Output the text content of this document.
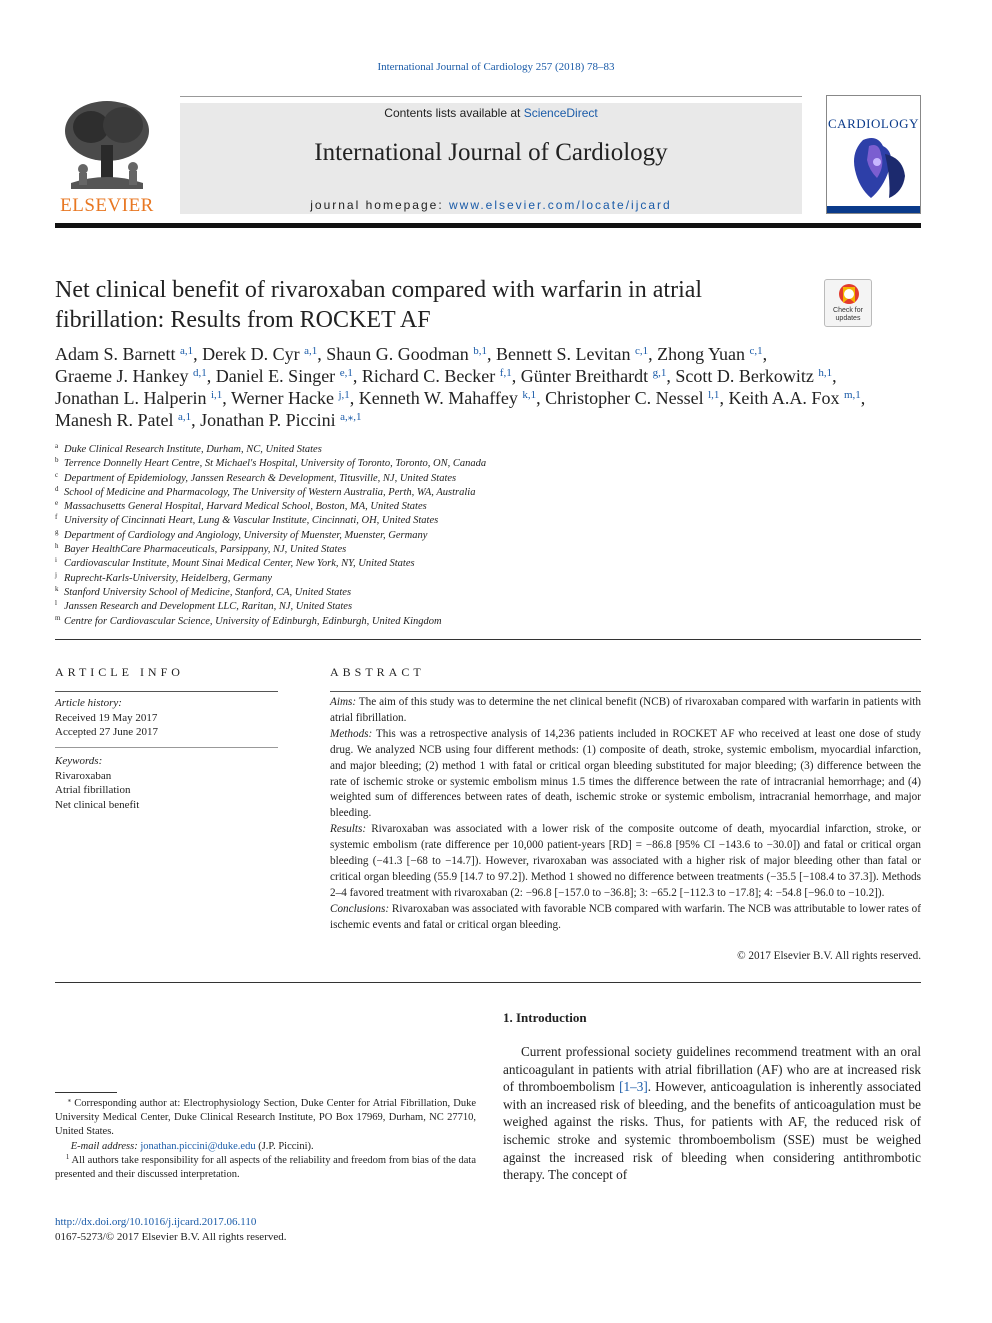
International Journal of Cardiology 257 (2018) 78–83
ELSEVIER
Contents lists available at ScienceDirect
International Journal of Cardiology
journal homepage: www.elsevier.com/locate/ijcard
CARDIOLOGY
Net clinical benefit of rivaroxaban compared with warfarin in atrial
fibrillation: Results from ROCKET AF	Check for
updates
Adam S. Barnett $^{a,1}$, Derek D. Cyr $^{a,1}$, Shaun G. Goodman $^{b,1}$, Bennett S. Levitan $^{c,1}$, Zhong Yuan $^{c,1}$,
Graeme J. Hankey $^{d,1}$, Daniel E. Singer $^{e,1}$, Richard C. Becker $^{f,1}$, Günter Breithardt $^{g,1}$, Scott D. Berkowitz $^{h,1}$,
Jonathan L. Halperin $^{i,1}$, Werner Hacke $^{j,1}$, Kenneth W. Mahaffey $^{k,1}$, Christopher C. Nessel $^{l,1}$, Keith A.A. Fox $^{m,1}$,
Manesh R. Patel $^{a,1}$, Jonathan P. Piccini $^{a,⁎,1}$
$^a$ Duke Clinical Research Institute, Durham, NC, United States
$^b$ Terrence Donnelly Heart Centre, St Michael's Hospital, University of Toronto, Toronto, ON, Canada
$^c$ Department of Epidemiology, Janssen Research & Development, Titusville, NJ, United States
$^d$ School of Medicine and Pharmacology, The University of Western Australia, Perth, WA, Australia
$^e$ Massachusetts General Hospital, Harvard Medical School, Boston, MA, United States
$^f$ University of Cincinnati Heart, Lung & Vascular Institute, Cincinnati, OH, United States
$^g$ Department of Cardiology and Angiology, University of Muenster, Muenster, Germany
$^h$ Bayer HealthCare Pharmaceuticals, Parsippany, NJ, United States
$^i$ Cardiovascular Institute, Mount Sinai Medical Center, New York, NY, United States
$^j$ Ruprecht-Karls-University, Heidelberg, Germany
$^k$ Stanford University School of Medicine, Stanford, CA, United States
$^l$ Janssen Research and Development LLC, Raritan, NJ, United States
$^m$ Centre for Cardiovascular Science, University of Edinburgh, Edinburgh, United Kingdom
ARTICLE INFO
Article history:
Received 19 May 2017
Accepted 27 June 2017
Keywords:
Rivaroxaban
Atrial fibrillation
Net clinical benefit
ABSTRACT
Aims: The aim of this study was to determine the net clinical benefit (NCB) of rivaroxaban compared with warfarin in patients with atrial fibrillation.
Methods: This was a retrospective analysis of 14,236 patients included in ROCKET AF who received at least one dose of study drug. We analyzed NCB using four different methods: (1) composite of death, stroke, systemic embolism, myocardial infarction, and major bleeding; (2) method 1 with fatal or critical organ bleeding substituted for major bleeding; (3) difference between the rate of ischemic stroke or systemic embolism minus 1.5 times the difference between the rate of intracranial hemorrhage; and (4) weighted sum of differences between rates of death, ischemic stroke or systemic embolism, intracranial hemorrhage, and major bleeding.
Results: Rivaroxaban was associated with a lower risk of the composite outcome of death, myocardial infarction, stroke, or systemic embolism (rate difference per 10,000 patient-years [RD] = −86.8 [95% CI −143.6 to −30.0]) and fatal or critical organ bleeding (−41.3 [−68 to −14.7]). However, rivaroxaban was associated with a higher risk of major bleeding other than fatal or critical organ bleeding (55.9 [14.7 to 97.2]). Method 1 showed no difference between treatments (−35.5 [−108.4 to 37.3]). Methods 2–4 favored treatment with rivaroxaban (2: −96.8 [−157.0 to −36.8]; 3: −65.2 [−112.3 to −17.8]; 4: −54.8 [−96.0 to −10.2]).
Conclusions: Rivaroxaban was associated with favorable NCB compared with warfarin. The NCB was attributable to lower rates of ischemic events and fatal or critical organ bleeding.
© 2017 Elsevier B.V. All rights reserved.
1. Introduction
Current professional society guidelines recommend treatment with an oral anticoagulant in patients with atrial fibrillation (AF) who are at increased risk of thromboembolism [1–3]. However, anticoagulation is inherently associated with an increased risk of bleeding, and the benefits of anticoagulation must be weighed against the risks. Thus, for patients with AF, the reduced risk of ischemic stroke and systemic thromboembolism (SSE) must be weighed against the increased risk of bleeding when considering antithrombotic therapy. The concept of
⁎ Corresponding author at: Electrophysiology Section, Duke Center for Atrial Fibrillation, Duke University Medical Center, Duke Clinical Research Institute, PO Box 17969, Durham, NC 27710, United States.
E-mail address: jonathan.piccini@duke.edu (J.P. Piccini).
$^1$ All authors take responsibility for all aspects of the reliability and freedom from bias of the data presented and their discussed interpretation.
http://dx.doi.org/10.1016/j.ijcard.2017.06.110
0167-5273/© 2017 Elsevier B.V. All rights reserved.
